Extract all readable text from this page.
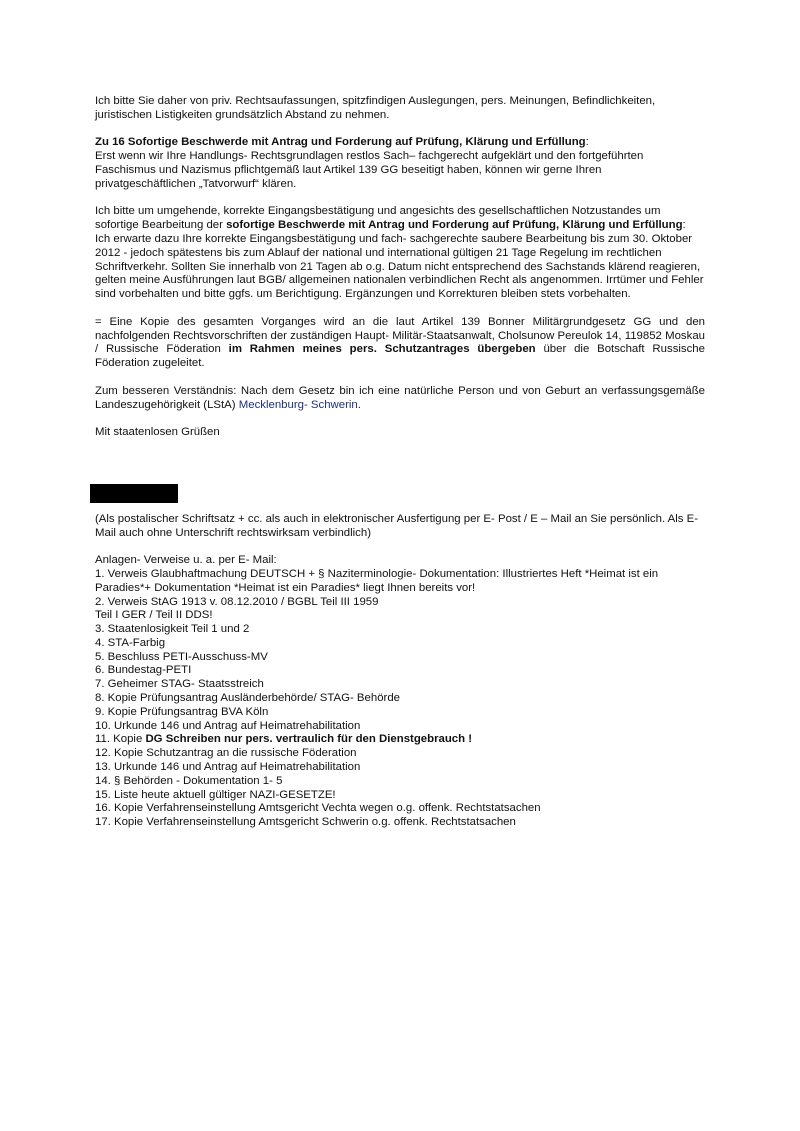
Ich bitte Sie daher von priv. Rechtsaufassungen, spitzfindigen Auslegungen, pers. Meinungen, Befindlichkeiten, juristischen Listigkeiten grundsätzlich Abstand zu nehmen.

Zu 16 Sofortige Beschwerde mit Antrag und Forderung auf Prüfung, Klärung und Erfüllung:
Erst wenn wir Ihre Handlungs- Rechtsgrundlagen restlos Sach– fachgerecht aufgeklärt und den fortgeführten Faschismus und Nazismus pflichtgemäß laut Artikel 139 GG beseitigt haben, können wir gerne Ihren privatgeschäftlichen „Tatvorwurf“ klären.

Ich bitte um umgehende, korrekte Eingangsbestätigung und angesichts des gesellschaftlichen Notzustandes um sofortige Bearbeitung der sofortige Beschwerde mit Antrag und Forderung auf Prüfung, Klärung und Erfüllung:
Ich erwarte dazu Ihre korrekte Eingangsbestätigung und fach- sachgerechte saubere Bearbeitung bis zum 30. Oktober 2012 - jedoch spätestens bis zum Ablauf der national und international gültigen 21 Tage Regelung im rechtlichen Schriftverkehr. Sollten Sie innerhalb von 21 Tagen ab o.g. Datum nicht entsprechend des Sachstands klärend reagieren, gelten meine Ausführungen laut BGB/ allgemeinen nationalen verbindlichen Recht als angenommen. Irrtümer und Fehler sind vorbehalten und bitte ggfs. um Berichtigung. Ergänzungen und Korrekturen bleiben stets vorbehalten.

= Eine Kopie des gesamten Vorganges wird an die laut Artikel 139 Bonner Militärgrundgesetz GG und den nachfolgenden Rechtsvorschriften der zuständigen Haupt- Militär-Staatsanwalt, Cholsunow Pereulok 14, 119852 Moskau / Russische Föderation im Rahmen meines pers. Schutzantrages übergeben über die Botschaft Russische Föderation zugeleitet.

Zum besseren Verständnis: Nach dem Gesetz bin ich eine natürliche Person und von Geburt an verfassungsgemäße Landeszugehörigkeit (LStA) Mecklenburg- Schwerin.

Mit staatenlosen Grüßen

(Als postalischer Schriftsatz + cc. als auch in elektronischer Ausfertigung per E- Post / E – Mail an Sie persönlich. Als E- Mail auch ohne Unterschrift rechtswirksam verbindlich)

Anlagen- Verweise u. a. per E- Mail:
1. Verweis Glaubhaftmachung DEUTSCH + § Naziterminologie- Dokumentation: Illustriertes Heft *Heimat ist ein Paradies*+ Dokumentation *Heimat ist ein Paradies* liegt Ihnen bereits vor!
2. Verweis StAG 1913 v. 08.12.2010 / BGBL Teil III 1959
Teil I GER / Teil II DDS!
3. Staatenlosigkeit Teil 1 und 2
4. STA-Farbig
5. Beschluss PETI-Ausschuss-MV
6. Bundestag-PETI
7. Geheimer STAG- Staatsstreich
8. Kopie Prüfungsantrag Ausländerbehörde/ STAG- Behörde
9. Kopie Prüfungsantrag BVA Köln
10. Urkunde 146 und Antrag auf Heimatrehabilitation
11. Kopie DG Schreiben nur pers. vertraulich für den Dienstgebrauch !
12. Kopie Schutzantrag an die russische Föderation
13. Urkunde 146 und Antrag auf Heimatrehabilitation
14. § Behörden - Dokumentation 1- 5
15. Liste heute aktuell gültiger NAZI-GESETZE!
16. Kopie Verfahrenseinstellung Amtsgericht Vechta wegen o.g. offenk. Rechtstatsachen
17. Kopie Verfahrenseinstellung Amtsgericht Schwerin o.g. offenk. Rechtstatsachen
